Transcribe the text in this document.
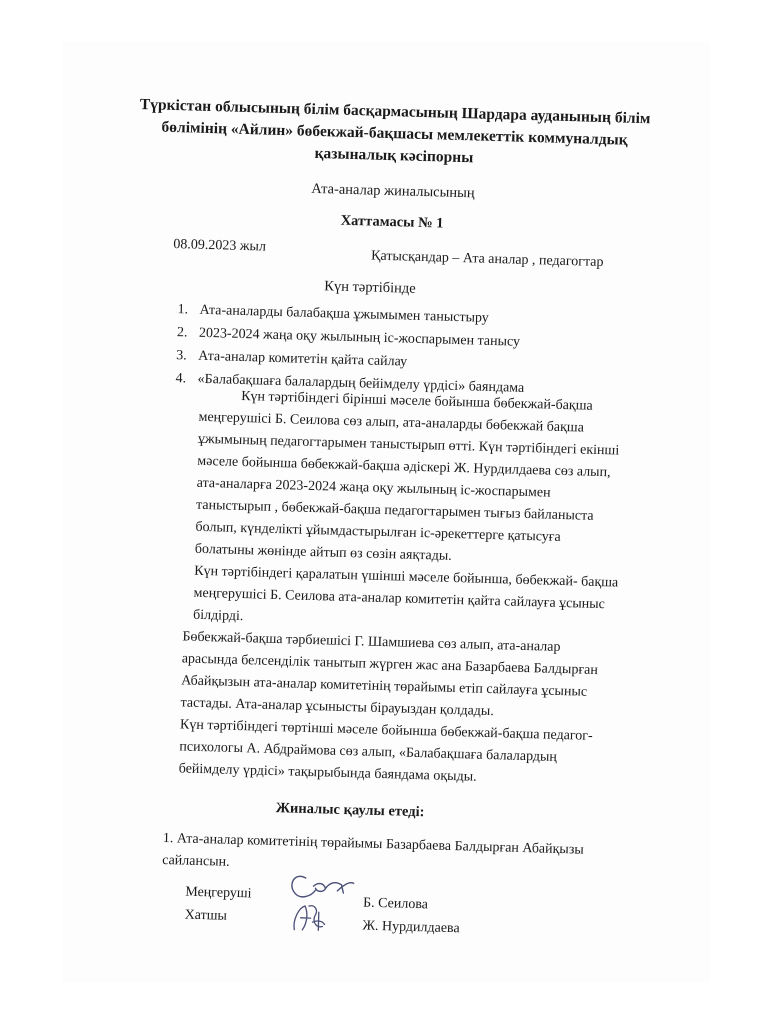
Түркістан облысының білім басқармасының Шардара ауданының білім
бөлімінің «Айлин» бөбекжай-бақшасы мемлекеттік коммуналдық
қазыналық кәсіпорны
Ата-аналар жиналысының
Хаттамасы № 1
08.09.2023 жыл
Қатысқандар – Ата аналар , педагогтар
Күн тәртібінде
1. Ата-аналарды балабақша ұжымымен таныстыру
2. 2023-2024 жаңа оқу жылының іс-жоспарымен танысу
3. Ата-аналар комитетін қайта сайлау
4. «Балабақшаға балалардың бейімделу үрдісі» баяндама
Күн тәртібіндегі бірінші мәселе бойынша бөбекжай-бақша
меңгерушісі Б. Сеилова сөз алып, ата-аналарды бөбекжай бақша
ұжымының педагогтарымен таныстырып өтті. Күн тәртібіндегі екінші
мәселе бойынша бөбекжай-бақша әдіскері Ж. Нурдилдаева сөз алып,
ата-аналарға 2023-2024 жаңа оқу жылының іс-жоспарымен
таныстырып , бөбекжай-бақша педагогтарымен тығыз байланыста
болып, күнделікті ұйымдастырылған іс-әрекеттерге қатысуға
болатыны жөнінде айтып өз сөзін аяқтады.
Күн тәртібіндегі қаралатын үшінші мәселе бойынша, бөбекжай- бақша
меңгерушісі Б. Сеилова ата-аналар комитетін қайта сайлауға ұсыныс
білдірді.
Бөбекжай-бақша тәрбиешісі Г. Шамшиева сөз алып, ата-аналар
арасында белсенділік танытып жүрген жас ана Базарбаева Балдырған
Абайқызын ата-аналар комитетінің төрайымы етіп сайлауға ұсыныс
тастады. Ата-аналар ұсынысты бірауыздан қолдады.
Күн тәртібіндегі төртінші мәселе бойынша бөбекжай-бақша педагог-
психологы А. Абдраймова сөз алып, «Балабақшаға балалардың
бейімделу үрдісі» тақырыбында баяндама оқыды.
Жиналыс қаулы етеді:
1. Ата-аналар комитетінің төрайымы Базарбаева Балдырған Абайқызы
сайлансын.
Меңгеруші
Б. Сеилова
Хатшы
Ж. Нурдилдаева
